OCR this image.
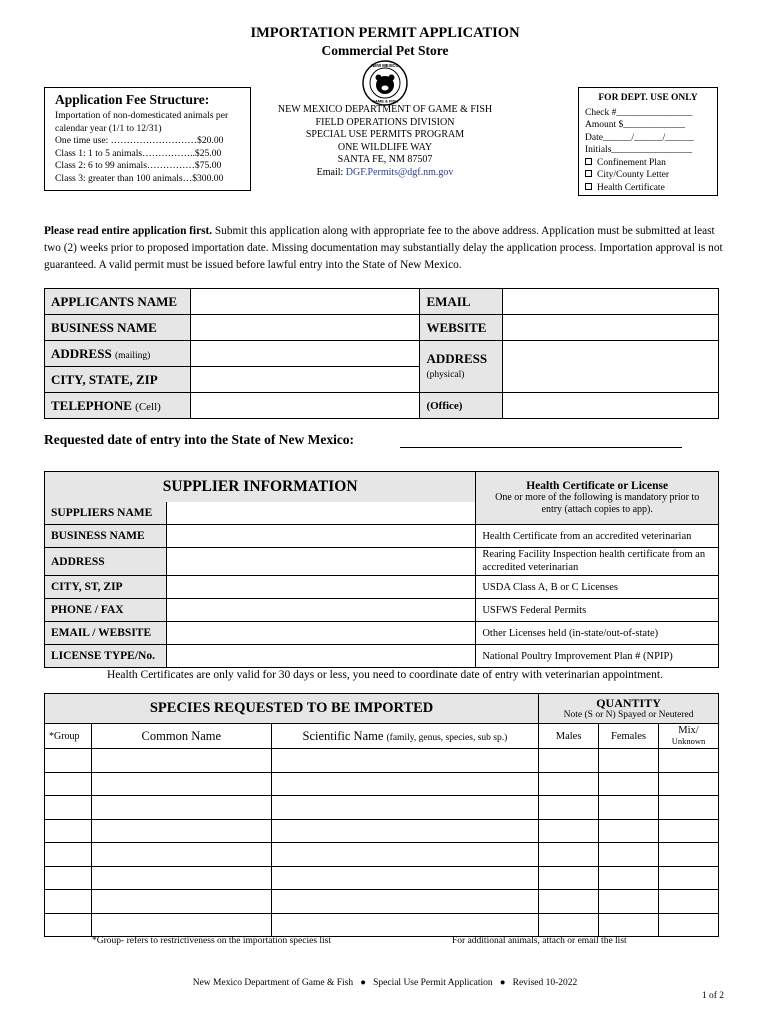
IMPORTATION PERMIT APPLICATION
Commercial Pet Store
NEW MEXICO
GAME & FISH
Application Fee Structure:
Importation of non-domesticated animals per
calendar year (1/1 to 12/31)
One time use: ………………………$20.00
Class 1: 1 to 5 animals……………..$25.00
Class 2: 6 to 99 animals……………$75.00
Class 3: greater than 100 animals…$300.00
NEW MEXICO DEPARTMENT OF GAME & FISH
FIELD OPERATIONS DIVISION
SPECIAL USE PERMITS PROGRAM
ONE WILDLIFE WAY
SANTA FE, NM 87507
Email: DGF.Permits@dgf.nm.gov
FOR DEPT. USE ONLY
Check #________________
Amount $_____________
Date______/______/______
Initials_________________
Confinement Plan
City/County Letter
Health Certificate
Please read entire application first. Submit this application along with appropriate fee to the above address. Application must be submitted at least two (2) weeks prior to proposed importation date. Missing documentation may substantially delay the application process. Importation approval is not guaranteed. A valid permit must be issued before lawful entry into the State of New Mexico.
APPLICANTS NAME		EMAIL	
BUSINESS NAME		WEBSITE	
ADDRESS (mailing)		ADDRESS
(physical)	

CITY, STATE, ZIP			
TELEPHONE (Cell)		(Office)	
Requested date of entry into the State of New Mexico:
SUPPLIER INFORMATION		Health Certificate or License
One or more of the following is mandatory prior to entry (attach copies to app).

SUPPLIERS NAME		
BUSINESS NAME		Health Certificate from an accredited veterinarian
ADDRESS		Rearing Facility Inspection health certificate from an accredited veterinarian
CITY, ST, ZIP		USDA Class A, B or C Licenses
PHONE / FAX		USFWS Federal Permits
EMAIL / WEBSITE		Other Licenses held (in-state/out-of-state)
LICENSE TYPE/No.		National Poultry Improvement Plan # (NPIP)
Health Certificates are only valid for 30 days or less, you need to coordinate date of entry with veterinarian appointment.
SPECIES REQUESTED TO BE IMPORTED			QUANTITY
Note (S or N) Spayed or Neutered		

*Group	Common Name	Scientific Name (family, genus, species, sub sp.)	Males	Females	Mix/ Unknown

*Group- refers to restrictiveness on the importation species list	For additional animals, attach or email the list
New Mexico Department of Game & Fish   ●   Special Use Permit Application   ●   Revised 10-2022
1 of 2
